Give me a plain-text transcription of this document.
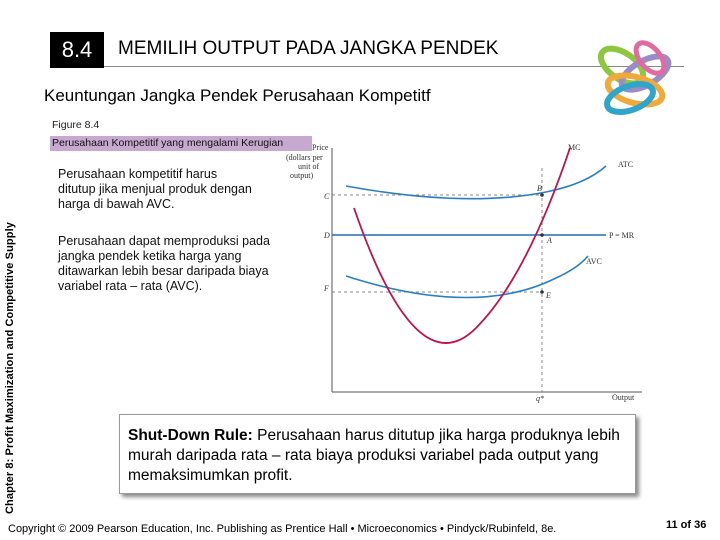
8.4	MEMILIH OUTPUT PADA JANGKA PENDEK
Keuntungan Jangka Pendek Perusahaan Kompetitf
Chapter 8: Profit Maximization and Competitive Supply
Figure 8.4
Perusahaan Kompetitif yang mengalami Kerugian
Perusahaan kompetitif harus ditutup jika menjual produk dengan harga di bawah AVC.
Perusahaan dapat memproduksi pada jangka pendek ketika harga yang ditawarkan lebih besar daripada biaya variabel rata – rata (AVC).
Price
(dollars per
unit of
output)
MC
ATC
P = MR
AVC
C
D
F
B
A
E
q*	Output
Shut-Down Rule: Perusahaan harus ditutup jika harga produknya lebih murah daripada rata – rata biaya produksi variabel pada output yang memaksimumkan profit.
Copyright © 2009 Pearson Education, Inc. Publishing as Prentice Hall • Microeconomics • Pindyck/Rubinfeld, 8e.	11 of 36
